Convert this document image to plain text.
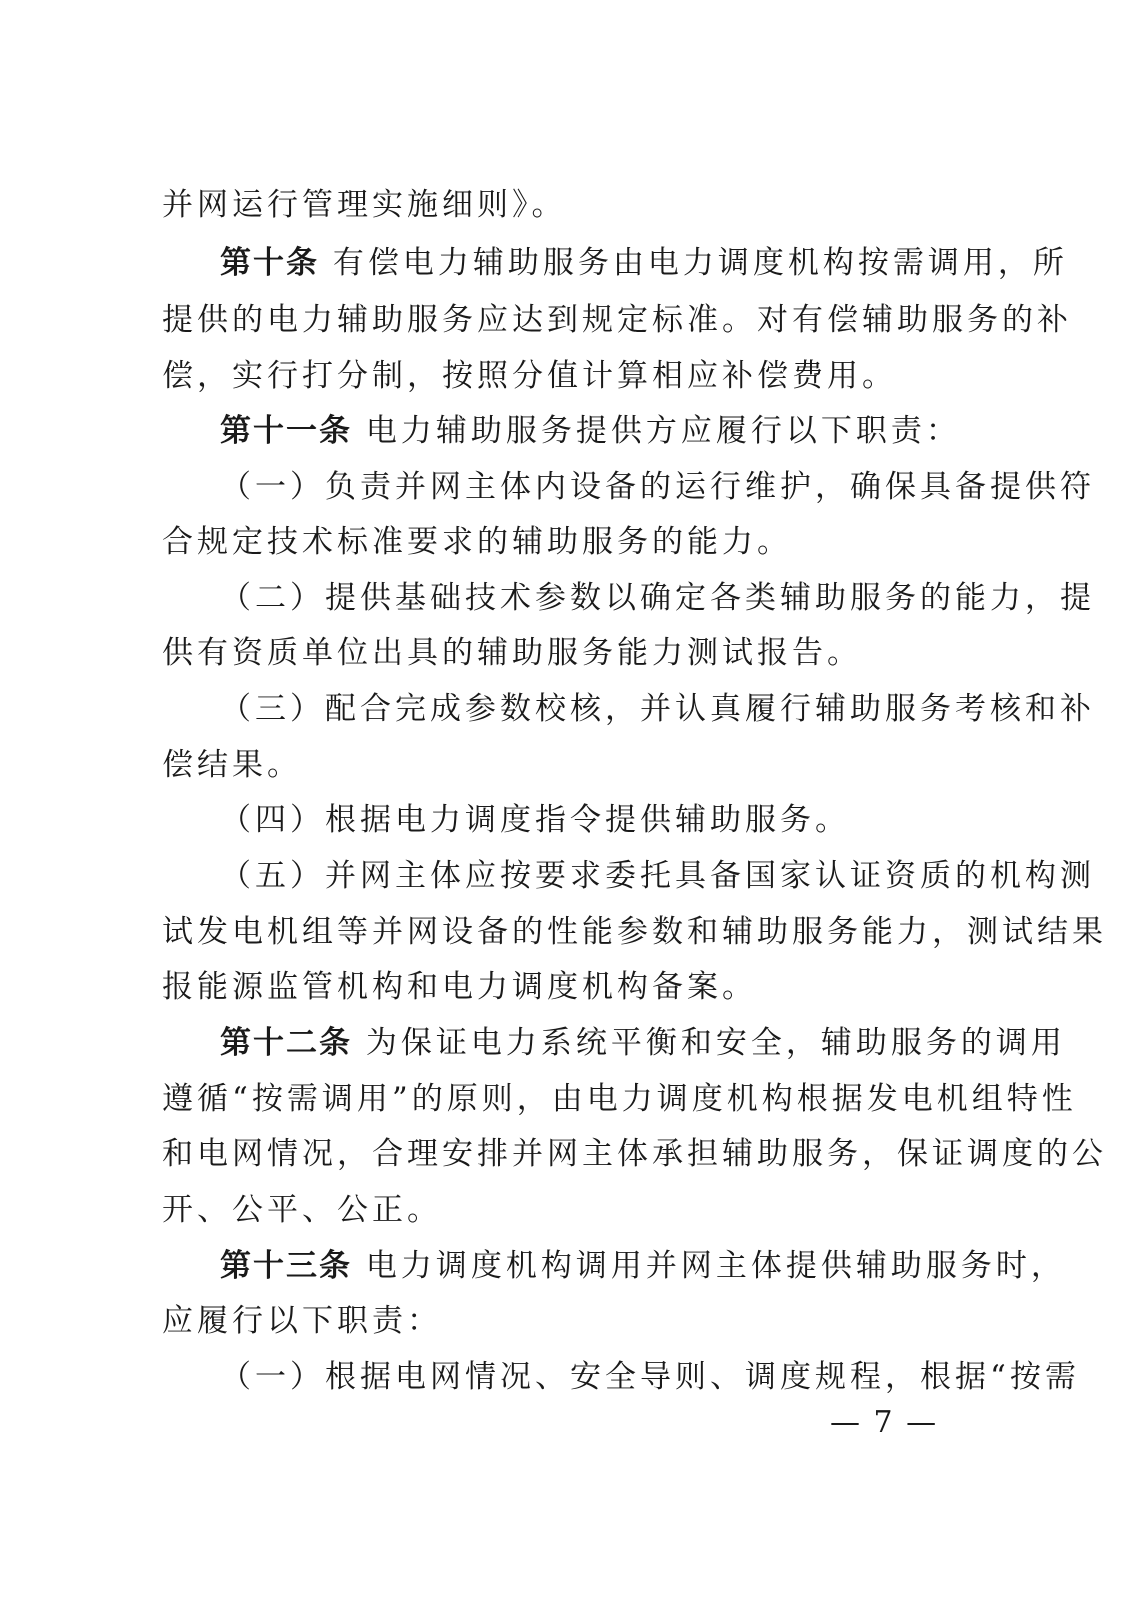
并网运行管理实施细则》。
第十条 有偿电力辅助服务由电力调度机构按需调用，所
提供的电力辅助服务应达到规定标准。对有偿辅助服务的补
偿，实行打分制，按照分值计算相应补偿费用。
第十一条 电力辅助服务提供方应履行以下职责：
（一）负责并网主体内设备的运行维护，确保具备提供符
合规定技术标准要求的辅助服务的能力。
（二）提供基础技术参数以确定各类辅助服务的能力，提
供有资质单位出具的辅助服务能力测试报告。
（三）配合完成参数校核，并认真履行辅助服务考核和补
偿结果。
（四）根据电力调度指令提供辅助服务。
（五）并网主体应按要求委托具备国家认证资质的机构测
试发电机组等并网设备的性能参数和辅助服务能力，测试结果
报能源监管机构和电力调度机构备案。
第十二条 为保证电力系统平衡和安全，辅助服务的调用
遵循“按需调用”的原则，由电力调度机构根据发电机组特性
和电网情况，合理安排并网主体承担辅助服务，保证调度的公
开、公平、公正。
第十三条 电力调度机构调用并网主体提供辅助服务时，
应履行以下职责：
（一）根据电网情况、安全导则、调度规程，根据“按需
— 7 —
